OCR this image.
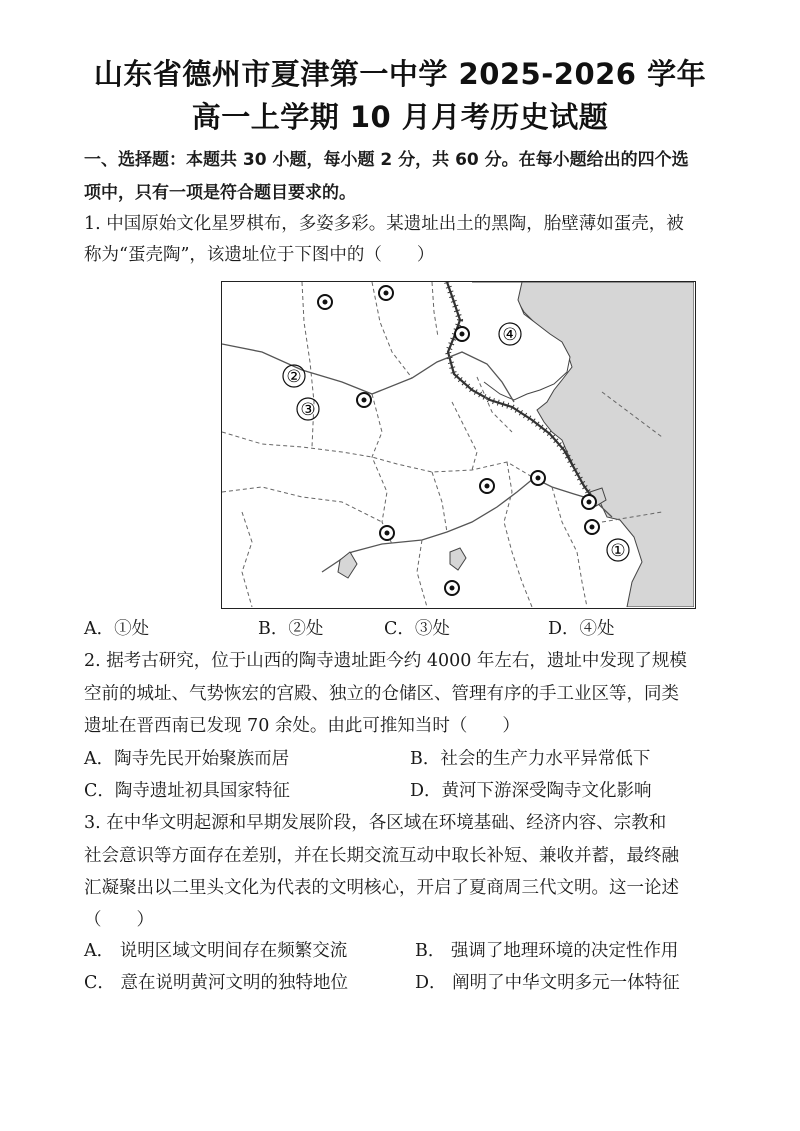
山东省德州市夏津第一中学 2025-2026 学年
高一上学期 10 月月考历史试题
一、选择题：本题共 30 小题，每小题 2 分，共 60 分。在每小题给出的四个选
项中，只有一项是符合题目要求的。
1. 中国原始文化星罗棋布，多姿多彩。某遗址出土的黑陶，胎壁薄如蛋壳，被
称为“蛋壳陶”，该遗址位于下图中的（　　）
①
②
③
④
A．①处	B．②处	C．③处	D．④处
2. 据考古研究，位于山西的陶寺遗址距今约 4000 年左右，遗址中发现了规模
空前的城址、气势恢宏的宫殿、独立的仓储区、管理有序的手工业区等，同类
遗址在晋西南已发现 70 余处。由此可推知当时（　　）
A．陶寺先民开始聚族而居	B．社会的生产力水平异常低下
C．陶寺遗址初具国家特征	D．黄河下游深受陶寺文化影响
3. 在中华文明起源和早期发展阶段，各区域在环境基础、经济内容、宗教和
社会意识等方面存在差别，并在长期交流互动中取长补短、兼收并蓄，最终融
汇凝聚出以二里头文化为代表的文明核心，开启了夏商周三代文明。这一论述
（　　）
A． 说明区域文明间存在频繁交流	B． 强调了地理环境的决定性作用
C． 意在说明黄河文明的独特地位	D． 阐明了中华文明多元一体特征
